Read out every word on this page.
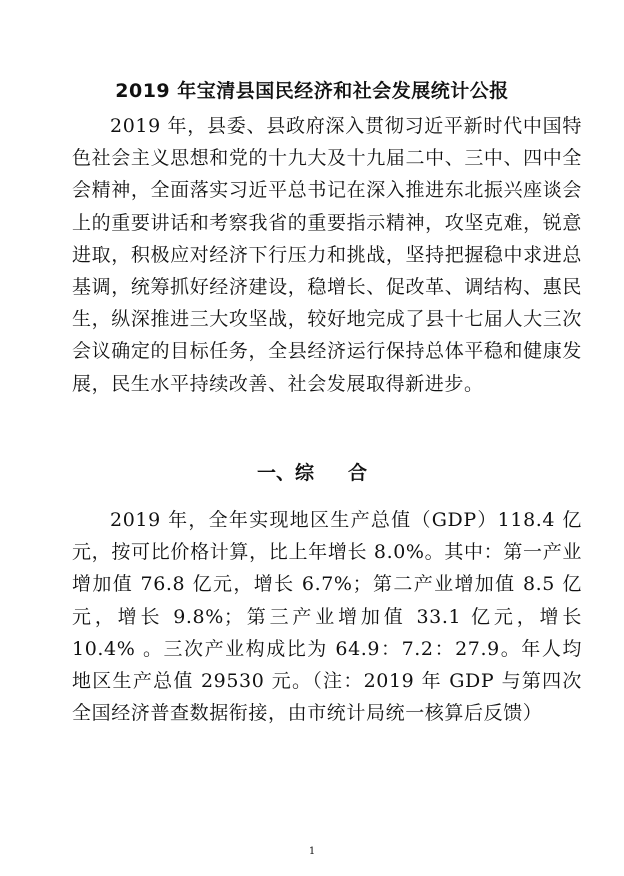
2019 年宝清县国民经济和社会发展统计公报

2019 年，县委、县政府深入贯彻习近平新时代中国特色社会主义思想和党的十九大及十九届二中、三中、四中全会精神，全面落实习近平总书记在深入推进东北振兴座谈会上的重要讲话和考察我省的重要指示精神，攻坚克难，锐意进取，积极应对经济下行压力和挑战，坚持把握稳中求进总基调，统筹抓好经济建设，稳增长、促改革、调结构、惠民生，纵深推进三大攻坚战，较好地完成了县十七届人大三次会议确定的目标任务，全县经济运行保持总体平稳和健康发展，民生水平持续改善、社会发展取得新进步。

一、综 合

2019 年，全年实现地区生产总值（GDP）118.4 亿元，按可比价格计算，比上年增长 8.0%。其中：第一产业增加值 76.8 亿元，增长 6.7%；第二产业增加值 8.5 亿元，增长 9.8%；第三产业增加值 33.1 亿元，增长 10.4% 。三次产业构成比为 64.9：7.2：27.9。年人均地区生产总值 29530 元。（注：2019 年 GDP 与第四次全国经济普查数据衔接，由市统计局统一核算后反馈）

1
